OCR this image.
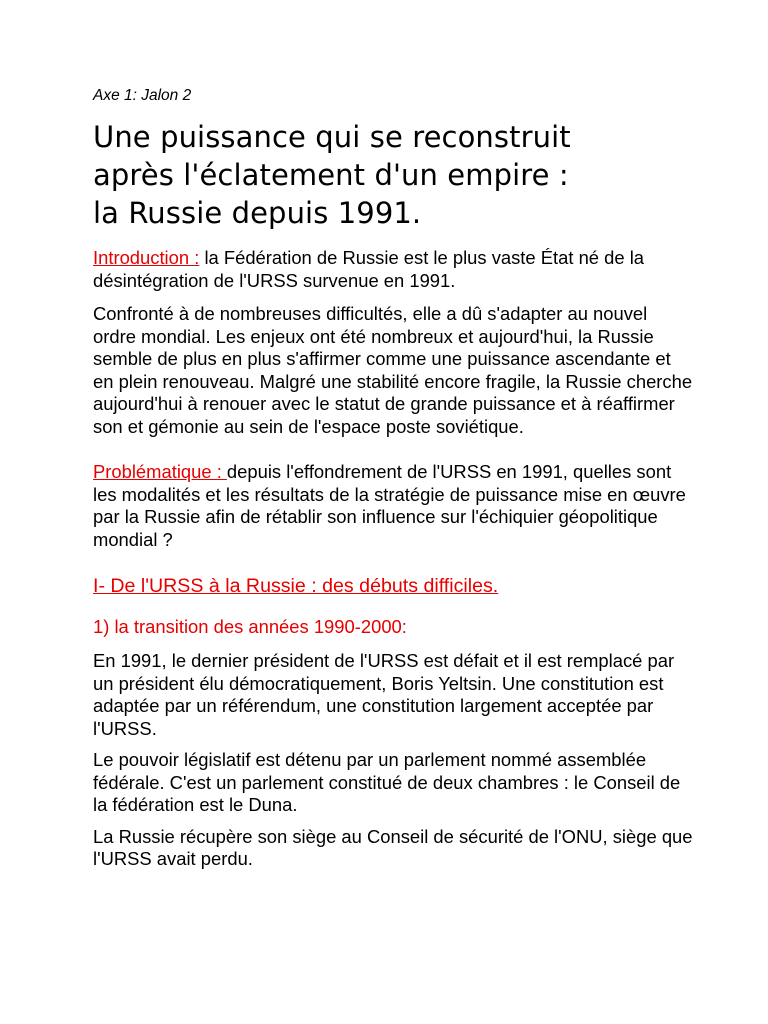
Axe 1: Jalon 2
Une puissance qui se reconstruit
après l'éclatement d'un empire :
la Russie depuis 1991.

Introduction : la Fédération de Russie est le plus vaste État né de la désintégration de l'URSS survenue en 1991.

Confronté à de nombreuses difficultés, elle a dû s'adapter au nouvel ordre mondial. Les enjeux ont été nombreux et aujourd'hui, la Russie semble de plus en plus s'affirmer comme une puissance ascendante et en plein renouveau. Malgré une stabilité encore fragile, la Russie cherche aujourd'hui à renouer avec le statut de grande puissance et à réaffirmer son et gémonie au sein de l'espace poste soviétique.

Problématique : depuis l'effondrement de l'URSS en 1991, quelles sont les modalités et les résultats de la stratégie de puissance mise en œuvre par la Russie afin de rétablir son influence sur l'échiquier géopolitique mondial ?

I- De l'URSS à la Russie : des débuts difficiles.
1) la transition des années 1990-2000:

En 1991, le dernier président de l'URSS est défait et il est remplacé par un président élu démocratiquement, Boris Yeltsin. Une constitution est adaptée par un référendum, une constitution largement acceptée par l'URSS.

Le pouvoir législatif est détenu par un parlement nommé assemblée fédérale. C'est un parlement constitué de deux chambres : le Conseil de la fédération est le Duna.

La Russie récupère son siège au Conseil de sécurité de l'ONU, siège que l'URSS avait perdu.
